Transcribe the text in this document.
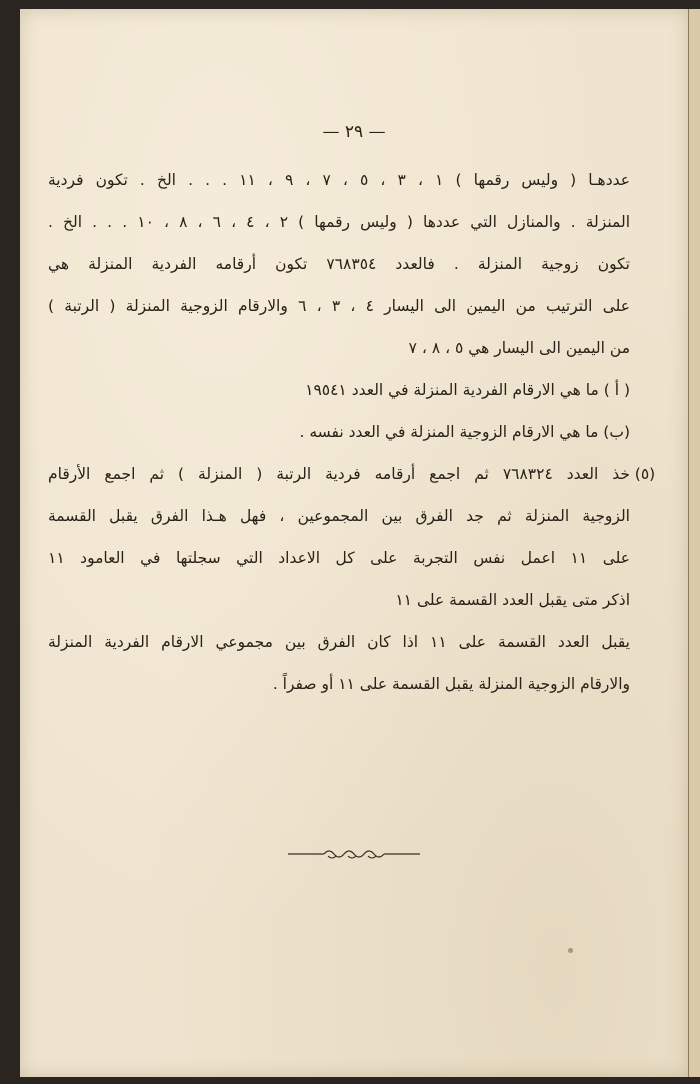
— ٢٩ —
عددهـا ( وليس رقمها ) ١ ، ٣ ، ٥ ، ٧ ، ٩ ، ١١ . . . الخ . تكون فردية
المنزلة . والمنازل التي عددها ( وليس رقمها ) ٢ ، ٤ ، ٦ ، ٨ ، ١٠ . . . الخ .
تكون زوجية المنزلة . فالعدد ٧٦٨٣٥٤ تكون أرقامه الفردية المنزلة هي
على الترتيب من اليمين الى اليسار ٤ ، ٣ ، ٦ والارقام الزوجية المنزلة ( الرتبة )
من اليمين الى اليسار هي ٥ ، ٨ ، ٧
( أ ) ما هي الارقام الفردية المنزلة في العدد ١٩٥٤١
(ب) ما هي الارقام الزوجية المنزلة في العدد نفسه .
خذ العدد ٧٦٨٣٢٤ ثم اجمع أرقامه فردية الرتبة ( المنزلة ) ثم اجمع الأرقام
الزوجية المنزلة ثم جد الفرق بين المجموعين ، فهل هـذا الفرق يقبل القسمة
على ١١ اعمل نفس التجربة على كل الاعداد التي سجلتها في العامود ١١
اذكر متى يقبل العدد القسمة على ١١
يقبل العدد القسمة على ١١ اذا كان الفرق بين مجموعي الارقام الفردية المنزلة
والارقام الزوجية المنزلة يقبل القسمة على ١١ أو صفراً .
(٥)
